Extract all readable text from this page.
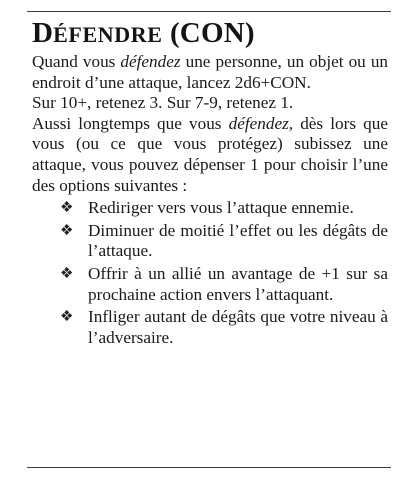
DÉFENDRE (CON)

Quand vous défendez une personne, un objet ou un endroit d’une attaque, lancez 2d6+CON.

Sur 10+, retenez 3. Sur 7-9, retenez 1.

Aussi longtemps que vous défendez, dès lors que vous (ou ce que vous protégez) subissez une attaque, vous pouvez dépenser 1 pour choisir l’une des options suivantes :

❖ Rediriger vers vous l’attaque ennemie.
❖ Diminuer de moitié l’effet ou les dégâts de l’attaque.
❖ Offrir à un allié un avantage de +1 sur sa prochaine action envers l’attaquant.
❖ Infliger autant de dégâts que votre niveau à l’adversaire.
